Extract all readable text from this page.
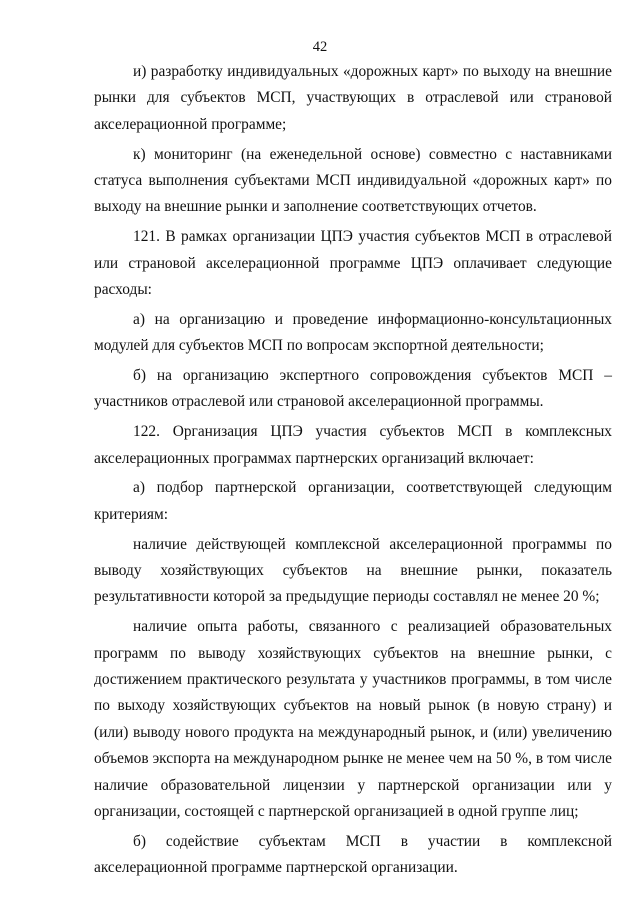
42

и) разработку индивидуальных «дорожных карт» по выходу на внешние рынки для субъектов МСП, участвующих в отраслевой или страновой акселерационной программе;

к) мониторинг (на еженедельной основе) совместно с наставниками статуса выполнения субъектами МСП индивидуальной «дорожных карт» по выходу на внешние рынки и заполнение соответствующих отчетов.

121. В рамках организации ЦПЭ участия субъектов МСП в отраслевой или страновой акселерационной программе ЦПЭ оплачивает следующие расходы:

а) на организацию и проведение информационно-консультационных модулей для субъектов МСП по вопросам экспортной деятельности;

б) на организацию экспертного сопровождения субъектов МСП – участников отраслевой или страновой акселерационной программы.

122. Организация ЦПЭ участия субъектов МСП в комплексных акселерационных программах партнерских организаций включает:

а) подбор партнерской организации, соответствующей следующим критериям:

наличие действующей комплексной акселерационной программы по выводу хозяйствующих субъектов на внешние рынки, показатель результативности которой за предыдущие периоды составлял не менее 20 %;

наличие опыта работы, связанного с реализацией образовательных программ по выводу хозяйствующих субъектов на внешние рынки, с достижением практического результата у участников программы, в том числе по выходу хозяйствующих субъектов на новый рынок (в новую страну) и (или) выводу нового продукта на международный рынок, и (или) увеличению объемов экспорта на международном рынке не менее чем на 50 %, в том числе наличие образовательной лицензии у партнерской организации или у организации, состоящей с партнерской организацией в одной группе лиц;

б) содействие субъектам МСП в участии в комплексной акселерационной программе партнерской организации.
